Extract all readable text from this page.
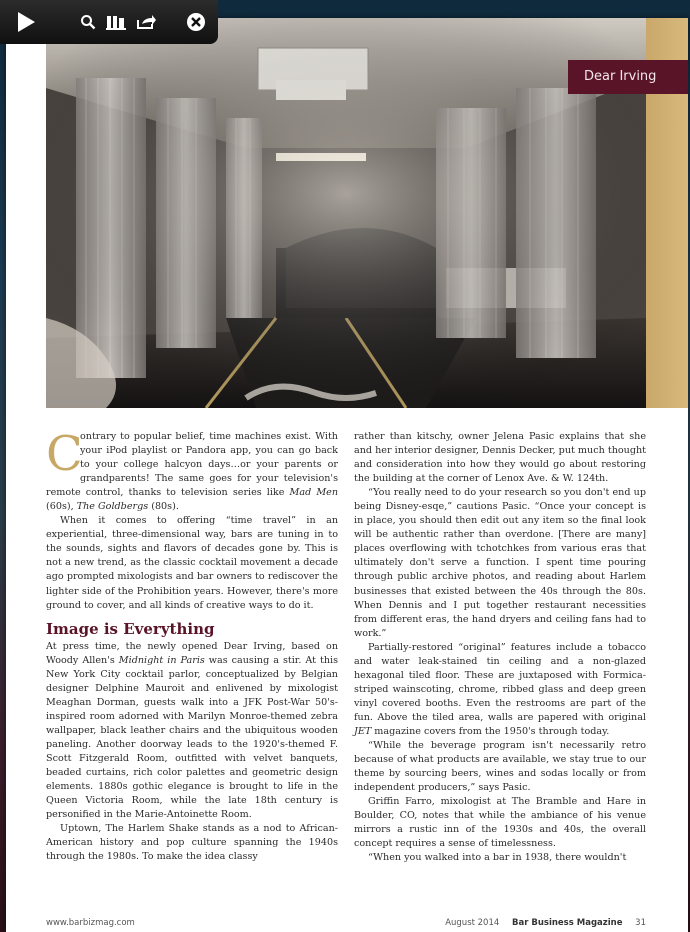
Dear Irving

C
ontrary to popular belief, time machines exist. With your iPod playlist or Pandora app, you can go back to your college halcyon days…or your parents or grandparents! The same goes for your television's remote control, thanks to television series like Mad Men (60s), The Goldbergs (80s).

When it comes to offering “time travel” in an experiential, three-dimensional way, bars are tuning in to the sounds, sights and flavors of decades gone by. This is not a new trend, as the classic cocktail movement a decade ago prompted mixologists and bar owners to rediscover the lighter side of the Prohibition years. However, there's more ground to cover, and all kinds of creative ways to do it.

Image is Everything

At press time, the newly opened Dear Irving, based on Woody Allen's Midnight in Paris was causing a stir. At this New York City cocktail parlor, conceptualized by Belgian designer Delphine Mauroit and enlivened by mixologist Meaghan Dorman, guests walk into a JFK Post-War 50's-inspired room adorned with Marilyn Monroe-themed zebra wallpaper, black leather chairs and the ubiquitous wooden paneling. Another doorway leads to the 1920's-themed F. Scott Fitzgerald Room, outfitted with velvet banquets, beaded curtains, rich color palettes and geometric design elements. 1880s gothic elegance is brought to life in the Queen Victoria Room, while the late 18th century is personified in the Marie-Antoinette Room.

Uptown, The Harlem Shake stands as a nod to African-American history and pop culture spanning the 1940s through the 1980s. To make the idea classy

rather than kitschy, owner Jelena Pasic explains that she and her interior designer, Dennis Decker, put much thought and consideration into how they would go about restoring the building at the corner of Lenox Ave. & W. 124th.

“You really need to do your research so you don't end up being Disney-esqe,” cautions Pasic. “Once your concept is in place, you should then edit out any item so the final look will be authentic rather than overdone. [There are many] places overflowing with tchotchkes from various eras that ultimately don't serve a function. I spent time pouring through public archive photos, and reading about Harlem businesses that existed between the 40s through the 80s. When Dennis and I put together restaurant necessities from different eras, the hand dryers and ceiling fans had to work.”

Partially-restored “original” features include a tobacco and water leak-stained tin ceiling and a non-glazed hexagonal tiled floor. These are juxtaposed with Formica-striped wainscoting, chrome, ribbed glass and deep green vinyl covered booths. Even the restrooms are part of the fun. Above the tiled area, walls are papered with original JET magazine covers from the 1950's through today.

“While the beverage program isn't necessarily retro because of what products are available, we stay true to our theme by sourcing beers, wines and sodas locally or from independent producers,” says Pasic.

Griffin Farro, mixologist at The Bramble and Hare in Boulder, CO, notes that while the ambiance of his venue mirrors a rustic inn of the 1930s and 40s, the overall concept requires a sense of timelessness.

“When you walked into a bar in 1938, there wouldn't

www.barbizmag.com	August 2014 Bar Business Magazine 31
